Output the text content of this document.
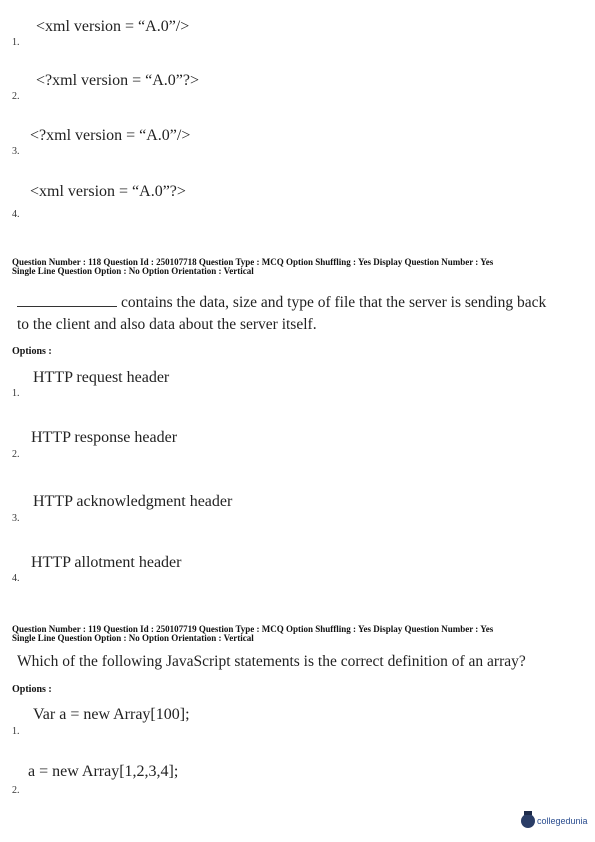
<xml version = “A.0”/>
1.
<?xml version = “A.0”?>
2.
<?xml version = “A.0”/>
3.
<xml version = “A.0”?>
4.
Question Number : 118 Question Id : 250107718 Question Type : MCQ Option Shuffling : Yes Display Question Number : Yes
Single Line Question Option : No Option Orientation : Vertical
contains the data, size and type of file that the server is sending back
to the client and also data about the server itself.
Options :
HTTP request header
1.
HTTP response header
2.
HTTP acknowledgment header
3.
HTTP allotment header
4.
Question Number : 119 Question Id : 250107719 Question Type : MCQ Option Shuffling : Yes Display Question Number : Yes
Single Line Question Option : No Option Orientation : Vertical
Which of the following JavaScript statements is the correct definition of an array?
Options :
Var a = new Array[100];
1.
a = new Array[1,2,3,4];
2.
collegedunia
